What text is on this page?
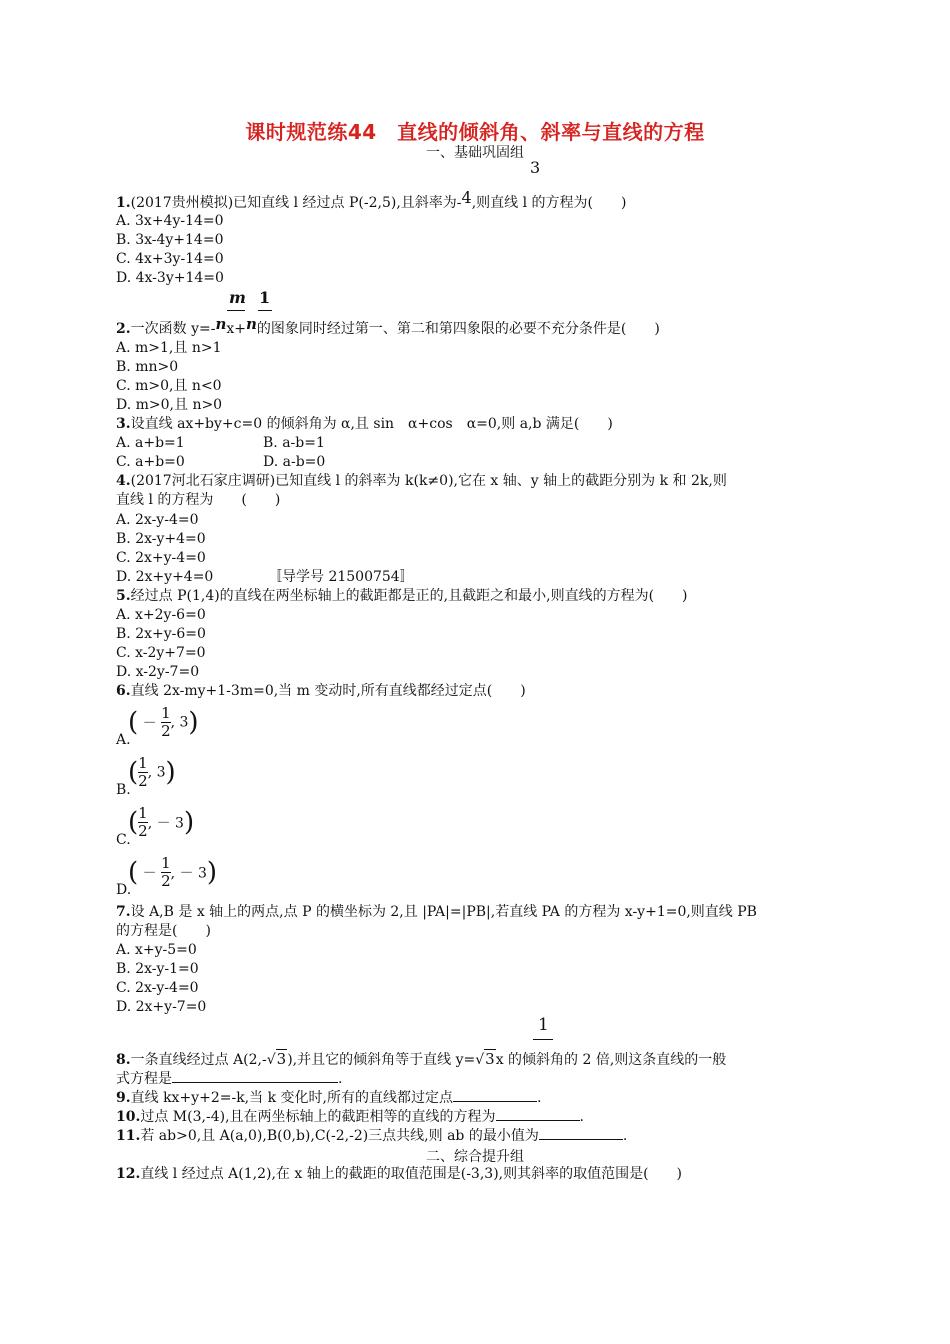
课时规范练44　直线的倾斜角、斜率与直线的方程
一、基础巩固组
3
1.(2017贵州模拟)已知直线 l 经过点 P(-2,5),且斜率为-4,则直线 l 的方程为(　　)
A. 3x+4y-14=0
B. 3x-4y+14=0
C. 4x+3y-14=0
D. 4x-3y+14=0
m 1
2.一次函数 y=-nx+n的图象同时经过第一、第二和第四象限的必要不充分条件是(　　)
A. m>1,且 n>1
B. mn>0
C. m>0,且 n<0
D. m>0,且 n>0
3.设直线 ax+by+c=0 的倾斜角为 α,且 sin　α+cos　α=0,则 a,b 满足(　　)
A. a+b=1	B. a-b=1
C. a+b=0	D. a-b=0
4.(2017河北石家庄调研)已知直线 l 的斜率为 k(k≠0),它在 x 轴、y 轴上的截距分别为 k 和 2k,则
直线 l 的方程为　　(　　)
A. 2x-y-4=0
B. 2x-y+4=0
C. 2x+y-4=0
D. 2x+y+4=0	〚导学号 21500754〛
5.经过点 P(1,4)的直线在两坐标轴上的截距都是正的,且截距之和最小,则直线的方程为(　　)
A. x+2y-6=0
B. 2x+y-6=0
C. x-2y+7=0
D. x-2y-7=0
6.直线 2x-my+1-3m=0,当 m 变动时,所有直线都经过定点(　　)
A.
( － $\frac{1}{2}$ , 3)
B.
( $\frac{1}{2}$ , 3)
C.
( $\frac{1}{2}$ , － 3)
D.
( － $\frac{1}{2}$ , － 3)
7.设 A,B 是 x 轴上的两点,点 P 的横坐标为 2,且 |PA|=|PB|,若直线 PA 的方程为 x-y+1=0,则直线 PB
的方程是(　　)
A. x+y-5=0
B. 2x-y-1=0
C. 2x-y-4=0
D. 2x+y-7=0
1
8.一条直线经过点 A(2,-√3),并且它的倾斜角等于直线 y=√3x 的倾斜角的 2 倍,则这条直线的一般
式方程是	.
9.直线 kx+y+2=-k,当 k 变化时,所有的直线都过定点	.
10.过点 M(3,-4),且在两坐标轴上的截距相等的直线的方程为	.
11.若 ab>0,且 A(a,0),B(0,b),C(-2,-2)三点共线,则 ab 的最小值为	.
二、综合提升组
12.直线 l 经过点 A(1,2),在 x 轴上的截距的取值范围是(-3,3),则其斜率的取值范围是(　　)
